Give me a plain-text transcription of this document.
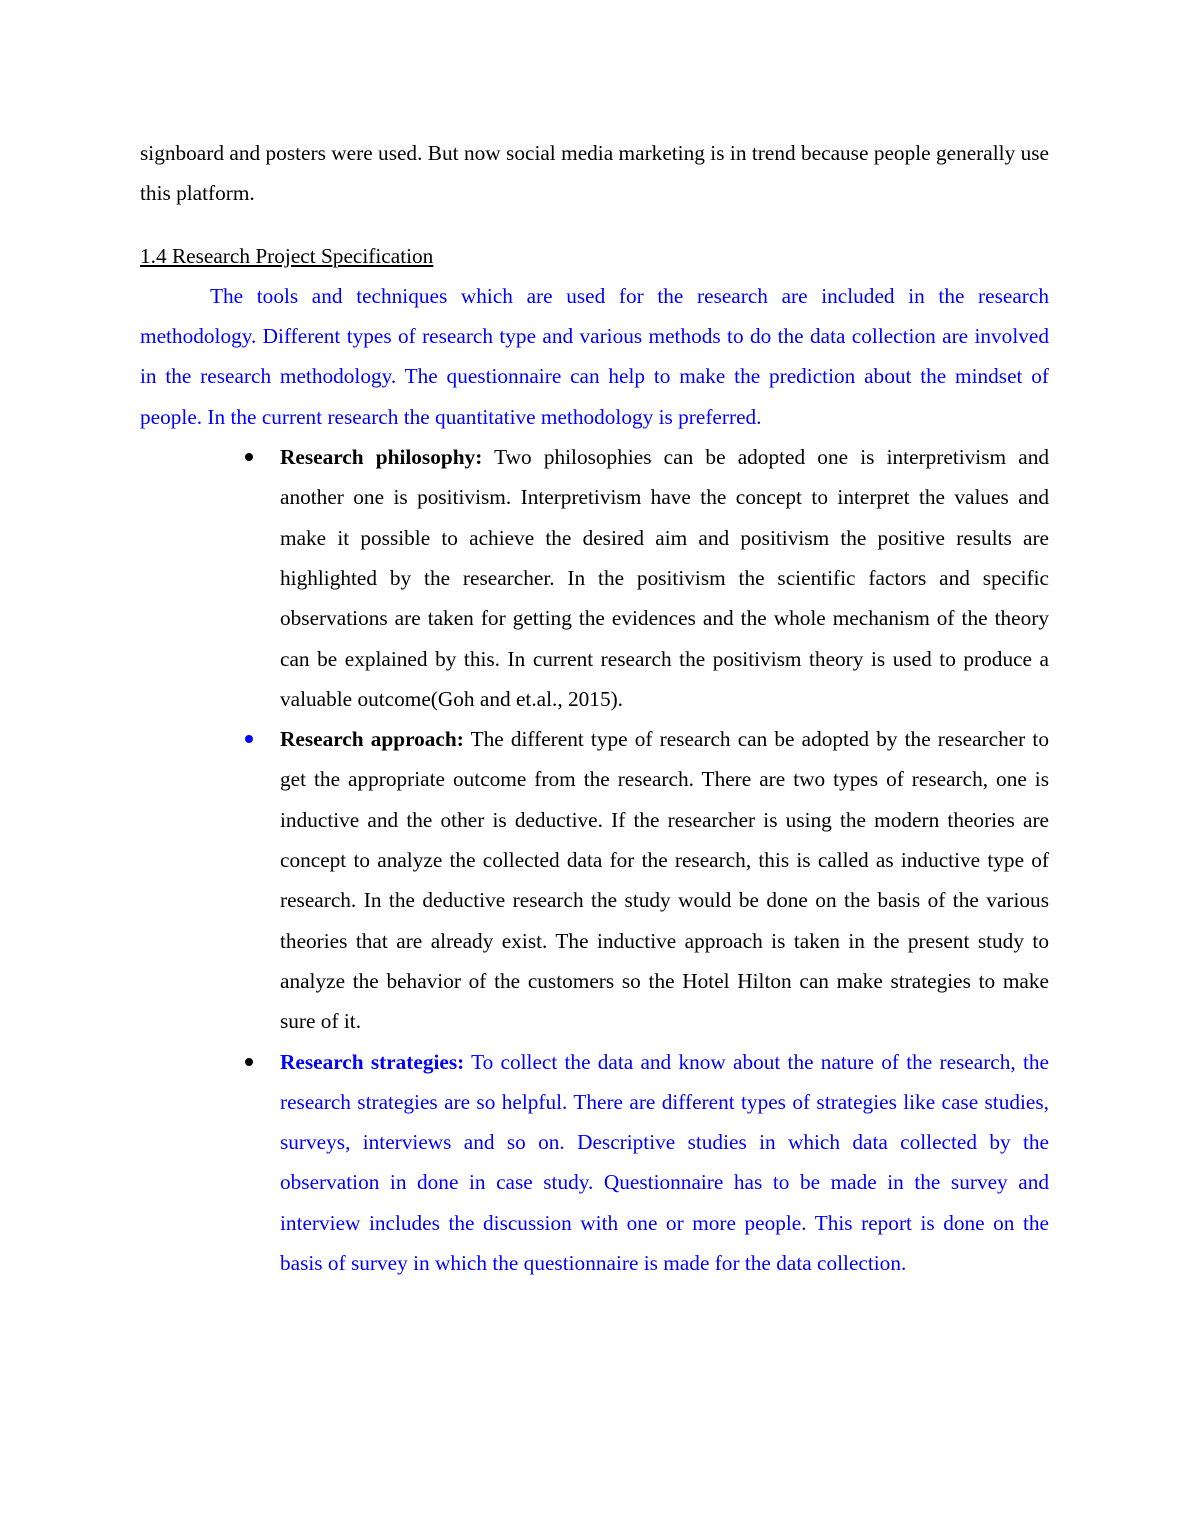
signboard and posters were used. But now social media marketing is in trend because people generally use this platform.

1.4 Research Project Specification

The tools and techniques which are used for the research are included in the research methodology. Different types of research type and various methods to do the data collection are involved in the research methodology. The questionnaire can help to make the prediction about the mindset of people. In the current research the quantitative methodology is preferred.

Research philosophy: Two philosophies can be adopted one is interpretivism and another one is positivism. Interpretivism have the concept to interpret the values and make it possible to achieve the desired aim and positivism the positive results are highlighted by the researcher. In the positivism the scientific factors and specific observations are taken for getting the evidences and the whole mechanism of the theory can be explained by this. In current research the positivism theory is used to produce a valuable outcome(Goh and et.al., 2015).
Research approach: The different type of research can be adopted by the researcher to get the appropriate outcome from the research. There are two types of research, one is inductive and the other is deductive. If the researcher is using the modern theories are concept to analyze the collected data for the research, this is called as inductive type of research. In the deductive research the study would be done on the basis of the various theories that are already exist. The inductive approach is taken in the present study to analyze the behavior of the customers so the Hotel Hilton can make strategies to make sure of it.
Research strategies: To collect the data and know about the nature of the research, the research strategies are so helpful. There are different types of strategies like case studies, surveys, interviews and so on. Descriptive studies in which data collected by the observation in done in case study. Questionnaire has to be made in the survey and interview includes the discussion with one or more people. This report is done on the basis of survey in which the questionnaire is made for the data collection.
